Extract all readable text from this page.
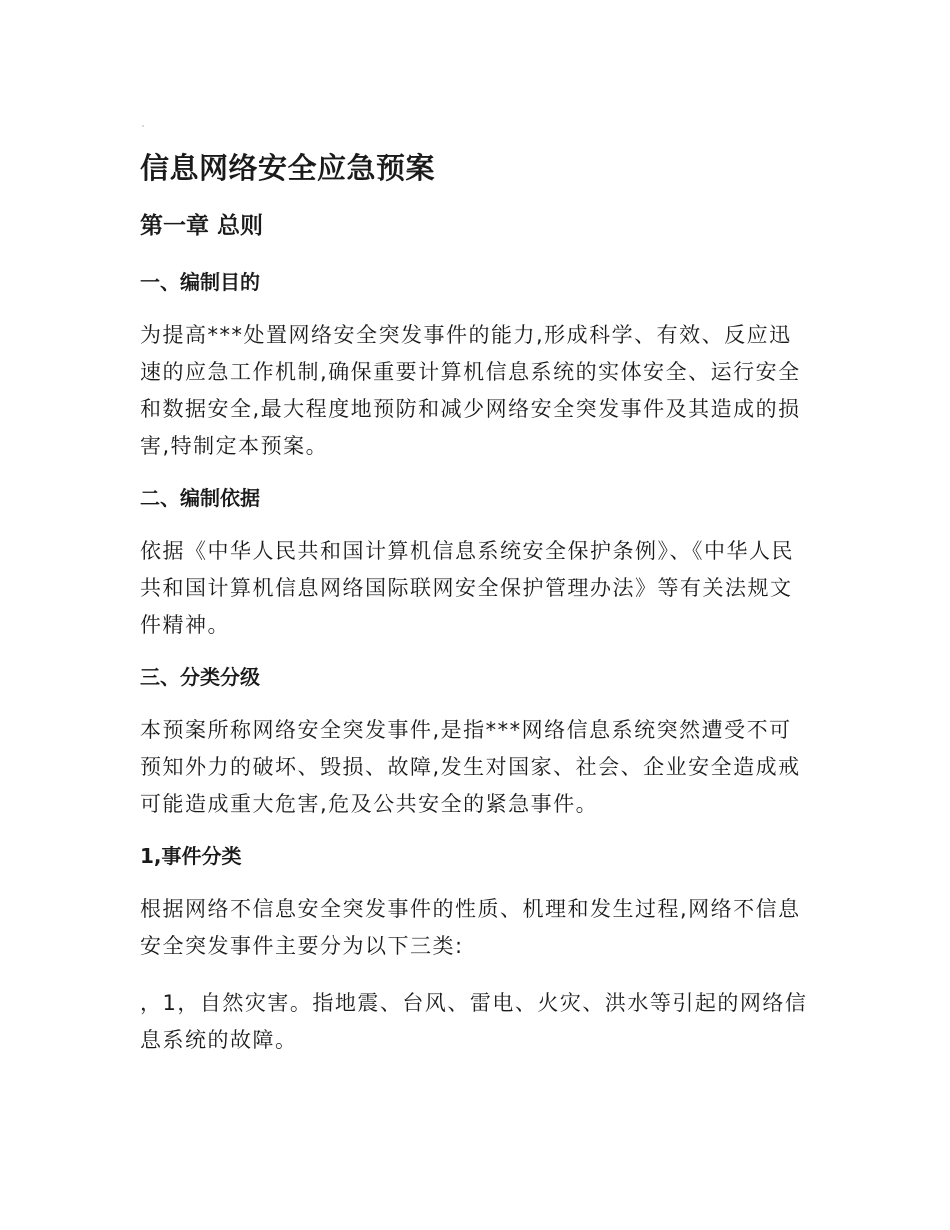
信息网络安全应急预案
第一章 总则
一、编制目的

为提高***处置网络安全突发事件的能力,形成科学、有效、反应迅速的应急工作机制,确保重要计算机信息系统的实体安全、运行安全和数据安全,最大程度地预防和减少网络安全突发事件及其造成的损害,特制定本预案。

二、编制依据

依据《中华人民共和国计算机信息系统安全保护条例》、《中华人民共和国计算机信息网络国际联网安全保护管理办法》等有关法规文件精神。

三、分类分级

本预案所称网络安全突发事件,是指***网络信息系统突然遭受不可预知外力的破坏、毁损、故障,发生对国家、社会、企业安全造成戒可能造成重大危害,危及公共安全的紧急事件。

1,事件分类

根据网络不信息安全突发事件的性质、机理和发生过程,网络不信息安全突发事件主要分为以下三类:

，1，自然灾害。指地震、台风、雷电、火灾、洪水等引起的网络信息系统的故障。
